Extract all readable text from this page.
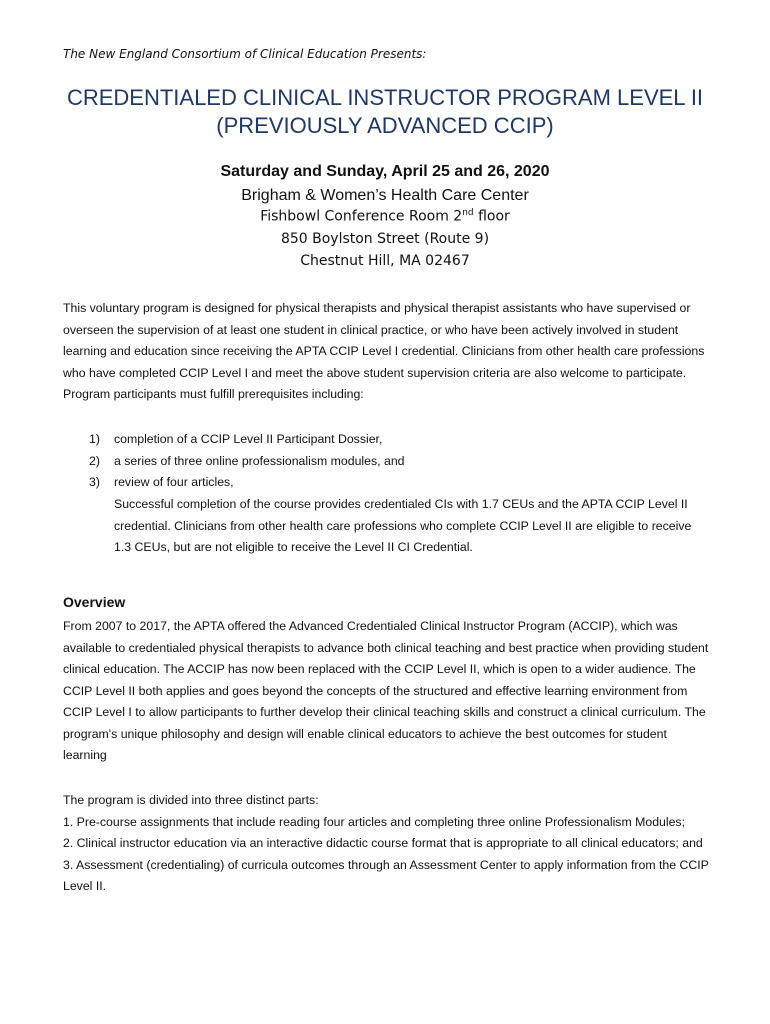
The New England Consortium of Clinical Education Presents:
CREDENTIALED CLINICAL INSTRUCTOR PROGRAM LEVEL II
(PREVIOUSLY ADVANCED CCIP)
Saturday and Sunday, April 25 and 26, 2020
Brigham & Women’s Health Care Center
Fishbowl Conference Room 2nd floor
850 Boylston Street (Route 9)
Chestnut Hill, MA 02467

This voluntary program is designed for physical therapists and physical therapist assistants who have supervised or overseen the supervision of at least one student in clinical practice, or who have been actively involved in student learning and education since receiving the APTA CCIP Level I credential. Clinicians from other health care professions who have completed CCIP Level I and meet the above student supervision criteria are also welcome to participate.

Program participants must fulfill prerequisites including:

1) completion of a CCIP Level II Participant Dossier,
2) a series of three online professionalism modules, and
3) review of four articles,
Successful completion of the course provides credentialed CIs with 1.7 CEUs and the APTA CCIP Level II credential. Clinicians from other health care professions who complete CCIP Level II are eligible to receive 1.3 CEUs, but are not eligible to receive the Level II CI Credential.
Overview
From 2007 to 2017, the APTA offered the Advanced Credentialed Clinical Instructor Program (ACCIP), which was available to credentialed physical therapists to advance both clinical teaching and best practice when providing student clinical education. The ACCIP has now been replaced with the CCIP Level II, which is open to a wider audience. The CCIP Level II both applies and goes beyond the concepts of the structured and effective learning environment from CCIP Level I to allow participants to further develop their clinical teaching skills and construct a clinical curriculum. The program's unique philosophy and design will enable clinical educators to achieve the best outcomes for student learning
The program is divided into three distinct parts:
1. Pre-course assignments that include reading four articles and completing three online Professionalism Modules;
2. Clinical instructor education via an interactive didactic course format that is appropriate to all clinical educators; and
3. Assessment (credentialing) of curricula outcomes through an Assessment Center to apply information from the CCIP Level II.
